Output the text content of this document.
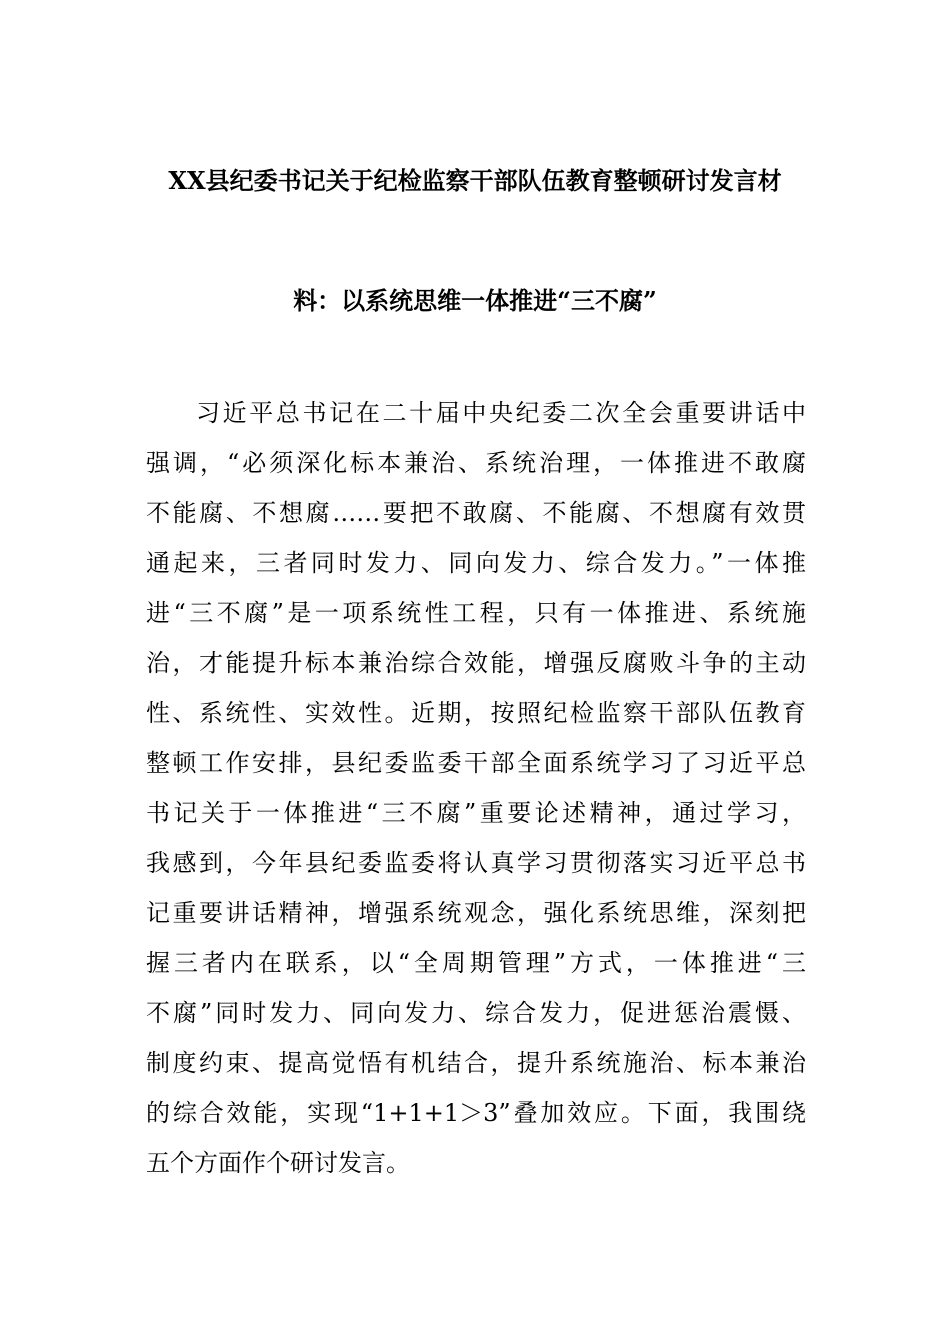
XX县纪委书记关于纪检监察干部队伍教育整顿研讨发言材
料：以系统思维一体推进“三不腐”
习近平总书记在二十届中央纪委二次全会重要讲话中
强调，“必须深化标本兼治、系统治理，一体推进不敢腐
不能腐、不想腐……要把不敢腐、不能腐、不想腐有效贯
通起来，三者同时发力、同向发力、综合发力。”一体推
进“三不腐”是一项系统性工程，只有一体推进、系统施
治，才能提升标本兼治综合效能，增强反腐败斗争的主动
性、系统性、实效性。近期，按照纪检监察干部队伍教育
整顿工作安排，县纪委监委干部全面系统学习了习近平总
书记关于一体推进“三不腐”重要论述精神，通过学习，
我感到，今年县纪委监委将认真学习贯彻落实习近平总书
记重要讲话精神，增强系统观念，强化系统思维，深刻把
握三者内在联系，以“全周期管理”方式，一体推进“三
不腐”同时发力、同向发力、综合发力，促进惩治震慑、
制度约束、提高觉悟有机结合，提升系统施治、标本兼治
的综合效能，实现“1+1+1＞3”叠加效应。下面，我围绕
五个方面作个研讨发言。
